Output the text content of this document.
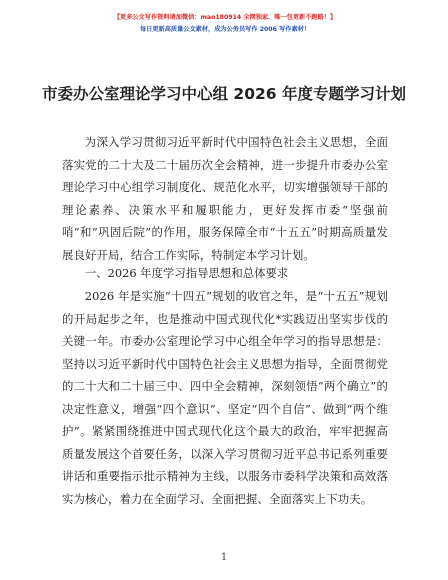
【更多公文写作资料请加微信：mao180914 全网独家，唯一包更新不跑路！】
每日更新高质量公文素材，成为公务员写作 2006 写作素材！
市委办公室理论学习中心组 2026 年度专题学习计划
为深入学习贯彻习近平新时代中国特色社会主义思想，全面落实党的二十大及二十届历次全会精神，进一步提升市委办公室理论学习中心组学习制度化、规范化水平，切实增强领导干部的理论素养、决策水平和履职能力，更好发挥市委“坚强前哨”和“巩固后院”的作用，服务保障全市“十五五”时期高质量发展良好开局，结合工作实际，特制定本学习计划。
一、2026 年度学习指导思想和总体要求
2026 年是实施“十四五”规划的收官之年，是“十五五”规划的开局起步之年，也是推动中国式现代化*实践迈出坚实步伐的关键一年。市委办公室理论学习中心组全年学习的指导思想是：坚持以习近平新时代中国特色社会主义思想为指导，全面贯彻党的二十大和二十届三中、四中全会精神，深刻领悟“两个确立”的决定性意义，增强“四个意识”、坚定“四个自信”、做到“两个维护”。紧紧围绕推进中国式现代化这个最大的政治，牢牢把握高质量发展这个首要任务，以深入学习贯彻习近平总书记系列重要讲话和重要指示批示精神为主线，以服务市委科学决策和高效落实为核心，着力在全面学习、全面把握、全面落实上下功夫。
1
